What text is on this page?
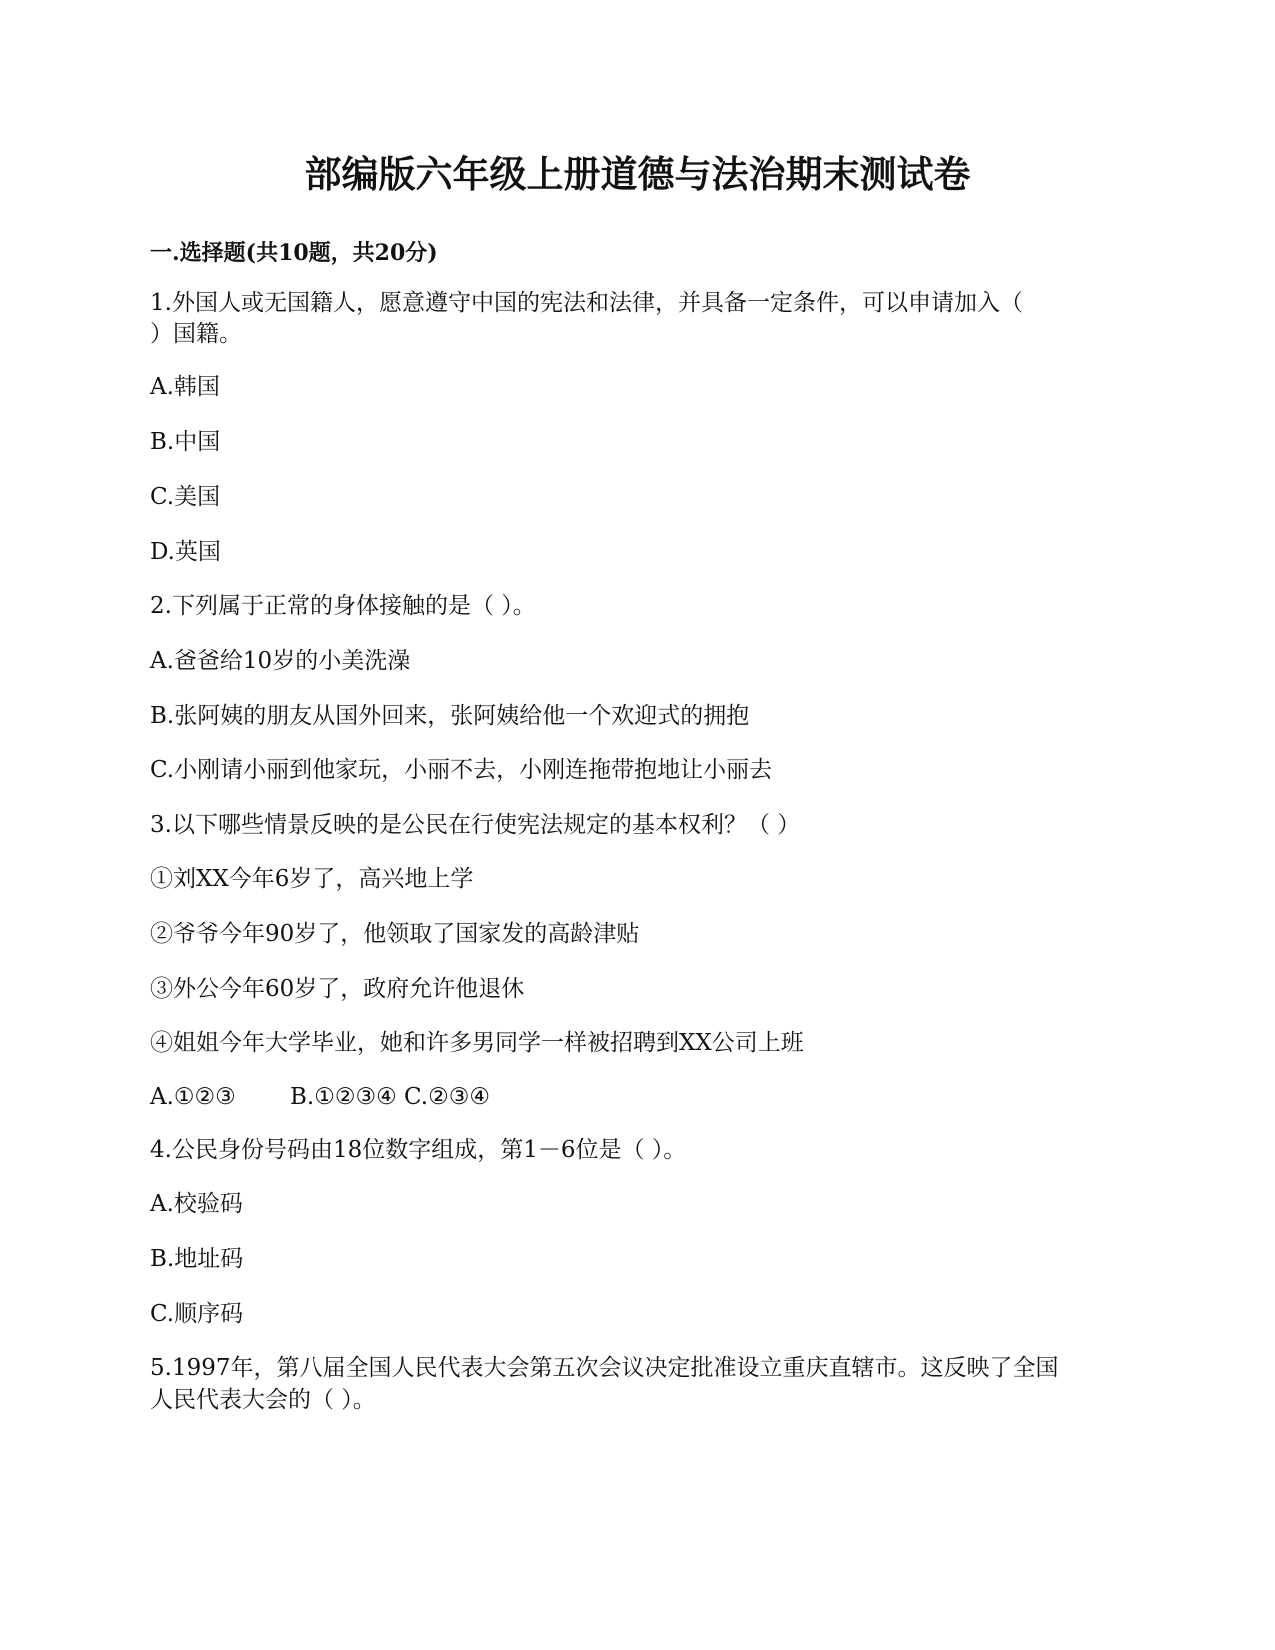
部编版六年级上册道德与法治期末测试卷
一.选择题(共10题，共20分)
1.外国人或无国籍人，愿意遵守中国的宪法和法律，并具备一定条件，可以申请加入（
）国籍。
A.韩国
B.中国
C.美国
D.英国
2.下列属于正常的身体接触的是（ ）。
A.爸爸给10岁的小美洗澡
B.张阿姨的朋友从国外回来，张阿姨给他一个欢迎式的拥抱
C.小刚请小丽到他家玩，小丽不去，小刚连拖带抱地让小丽去
3.以下哪些情景反映的是公民在行使宪法规定的基本权利？（ ）
①刘XX今年6岁了，高兴地上学
②爷爷今年90岁了，他领取了国家发的高龄津贴
③外公今年60岁了，政府允许他退休
④姐姐今年大学毕业，她和许多男同学一样被招聘到XX公司上班
A.①②③ B.①②③④ C.②③④
4.公民身份号码由18位数字组成，第1－6位是（ ）。
A.校验码
B.地址码
C.顺序码
5.1997年，第八届全国人民代表大会第五次会议决定批准设立重庆直辖市。这反映了全国
人民代表大会的（ ）。
